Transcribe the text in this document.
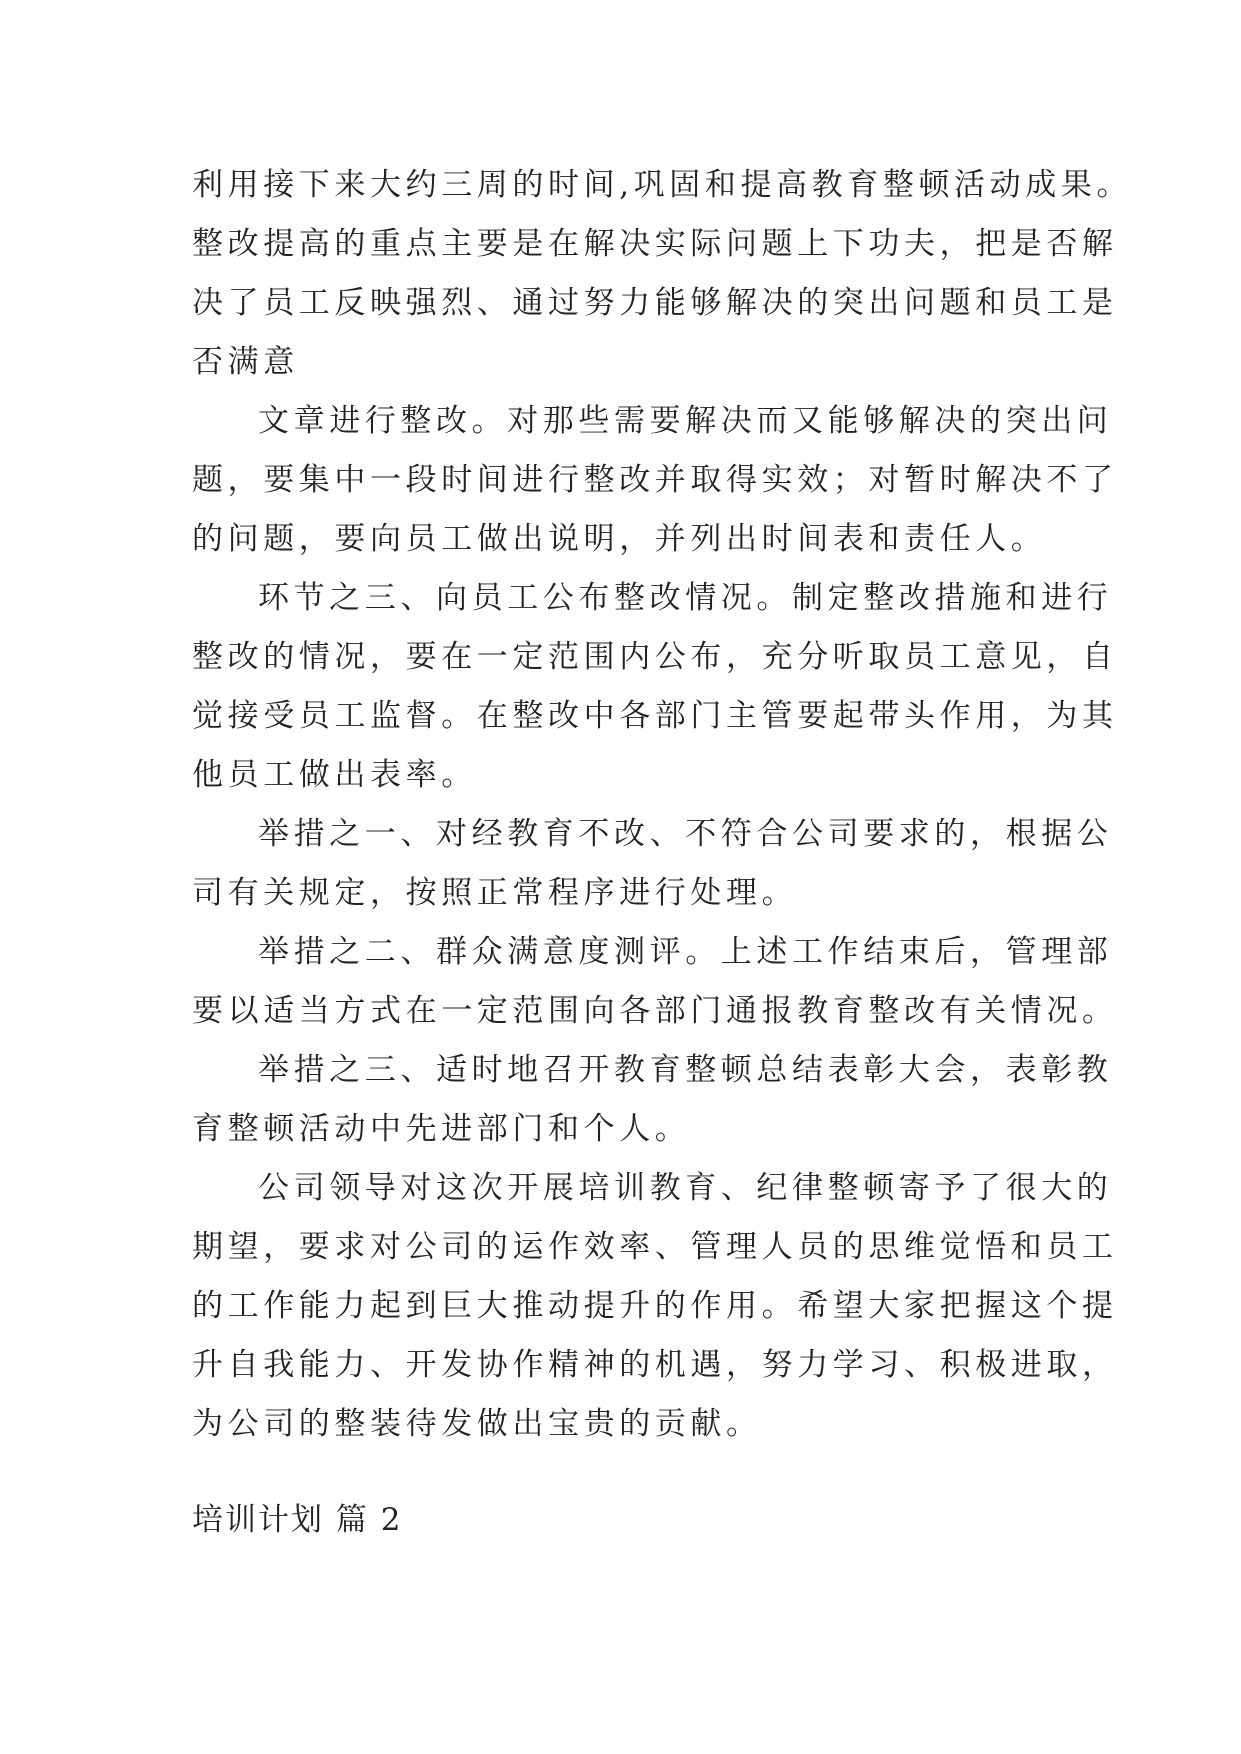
利用接下来大约三周的时间,巩固和提高教育整顿活动成果。
整改提高的重点主要是在解决实际问题上下功夫，把是否解
决了员工反映强烈、通过努力能够解决的突出问题和员工是
否满意
文章进行整改。对那些需要解决而又能够解决的突出问
题，要集中一段时间进行整改并取得实效；对暂时解决不了
的问题，要向员工做出说明，并列出时间表和责任人。
环节之三、向员工公布整改情况。制定整改措施和进行
整改的情况，要在一定范围内公布，充分听取员工意见，自
觉接受员工监督。在整改中各部门主管要起带头作用，为其
他员工做出表率。
举措之一、对经教育不改、不符合公司要求的，根据公
司有关规定，按照正常程序进行处理。
举措之二、群众满意度测评。上述工作结束后，管理部
要以适当方式在一定范围向各部门通报教育整改有关情况。
举措之三、适时地召开教育整顿总结表彰大会，表彰教
育整顿活动中先进部门和个人。
公司领导对这次开展培训教育、纪律整顿寄予了很大的
期望，要求对公司的运作效率、管理人员的思维觉悟和员工
的工作能力起到巨大推动提升的作用。希望大家把握这个提
升自我能力、开发协作精神的机遇，努力学习、积极进取，
为公司的整装待发做出宝贵的贡献。
培训计划 篇 2
